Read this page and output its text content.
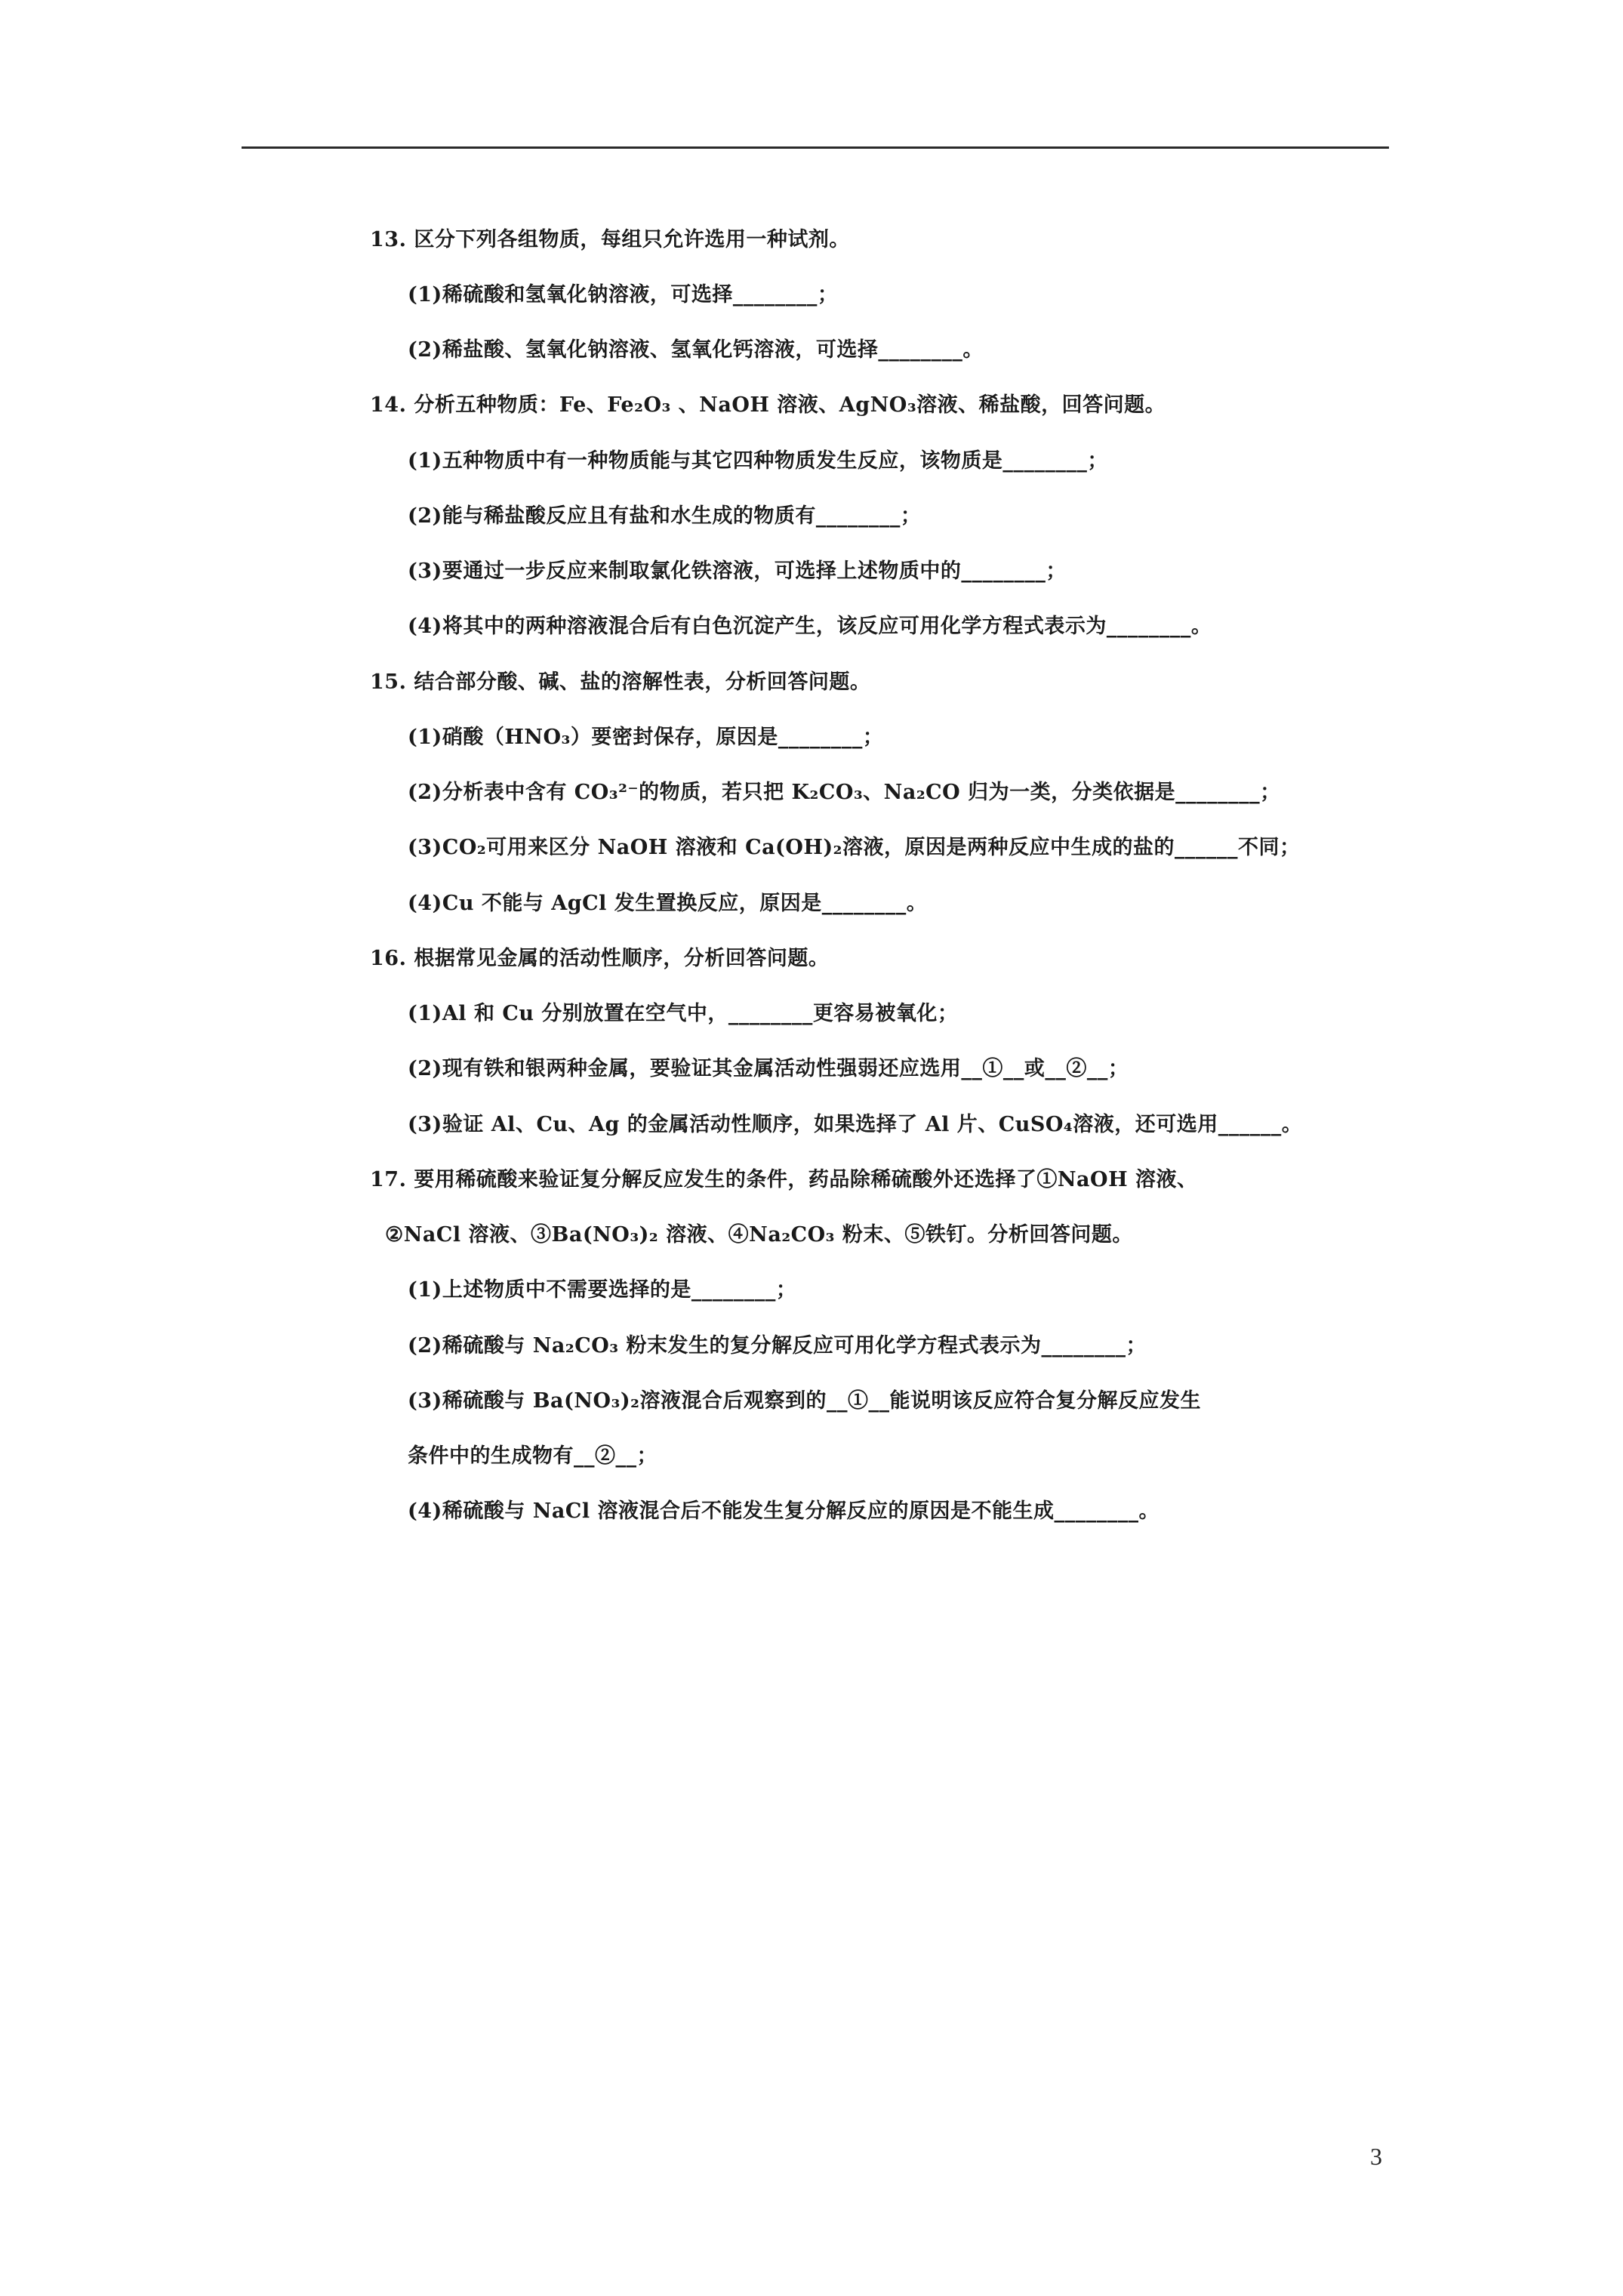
13. 区分下列各组物质，每组只允许选用一种试剂。
(1)稀硫酸和氢氧化钠溶液，可选择________；
(2)稀盐酸、氢氧化钠溶液、氢氧化钙溶液，可选择________。
14. 分析五种物质：Fe、Fe₂O₃ 、NaOH 溶液、AgNO₃溶液、稀盐酸，回答问题。
(1)五种物质中有一种物质能与其它四种物质发生反应，该物质是________；
(2)能与稀盐酸反应且有盐和水生成的物质有________；
(3)要通过一步反应来制取氯化铁溶液，可选择上述物质中的________；
(4)将其中的两种溶液混合后有白色沉淀产生，该反应可用化学方程式表示为________。
15. 结合部分酸、碱、盐的溶解性表，分析回答问题。
(1)硝酸（HNO₃）要密封保存，原因是________；
(2)分析表中含有 CO₃²⁻的物质，若只把 K₂CO₃、Na₂CO 归为一类，分类依据是________；
(3)CO₂可用来区分 NaOH 溶液和 Ca(OH)₂溶液，原因是两种反应中生成的盐的______不同；
(4)Cu 不能与 AgCl 发生置换反应，原因是________。
16. 根据常见金属的活动性顺序，分析回答问题。
(1)Al 和 Cu 分别放置在空气中，________更容易被氧化；
(2)现有铁和银两种金属，要验证其金属活动性强弱还应选用__①__或__②__；
(3)验证 Al、Cu、Ag 的金属活动性顺序，如果选择了 Al 片、CuSO₄溶液，还可选用______。
17. 要用稀硫酸来验证复分解反应发生的条件，药品除稀硫酸外还选择了①NaOH 溶液、
②NaCl 溶液、③Ba(NO₃)₂ 溶液、④Na₂CO₃ 粉末、⑤铁钉。分析回答问题。
(1)上述物质中不需要选择的是________；
(2)稀硫酸与 Na₂CO₃ 粉末发生的复分解反应可用化学方程式表示为________；
(3)稀硫酸与 Ba(NO₃)₂溶液混合后观察到的__①__能说明该反应符合复分解反应发生
条件中的生成物有__②__；
(4)稀硫酸与 NaCl 溶液混合后不能发生复分解反应的原因是不能生成________。
3
